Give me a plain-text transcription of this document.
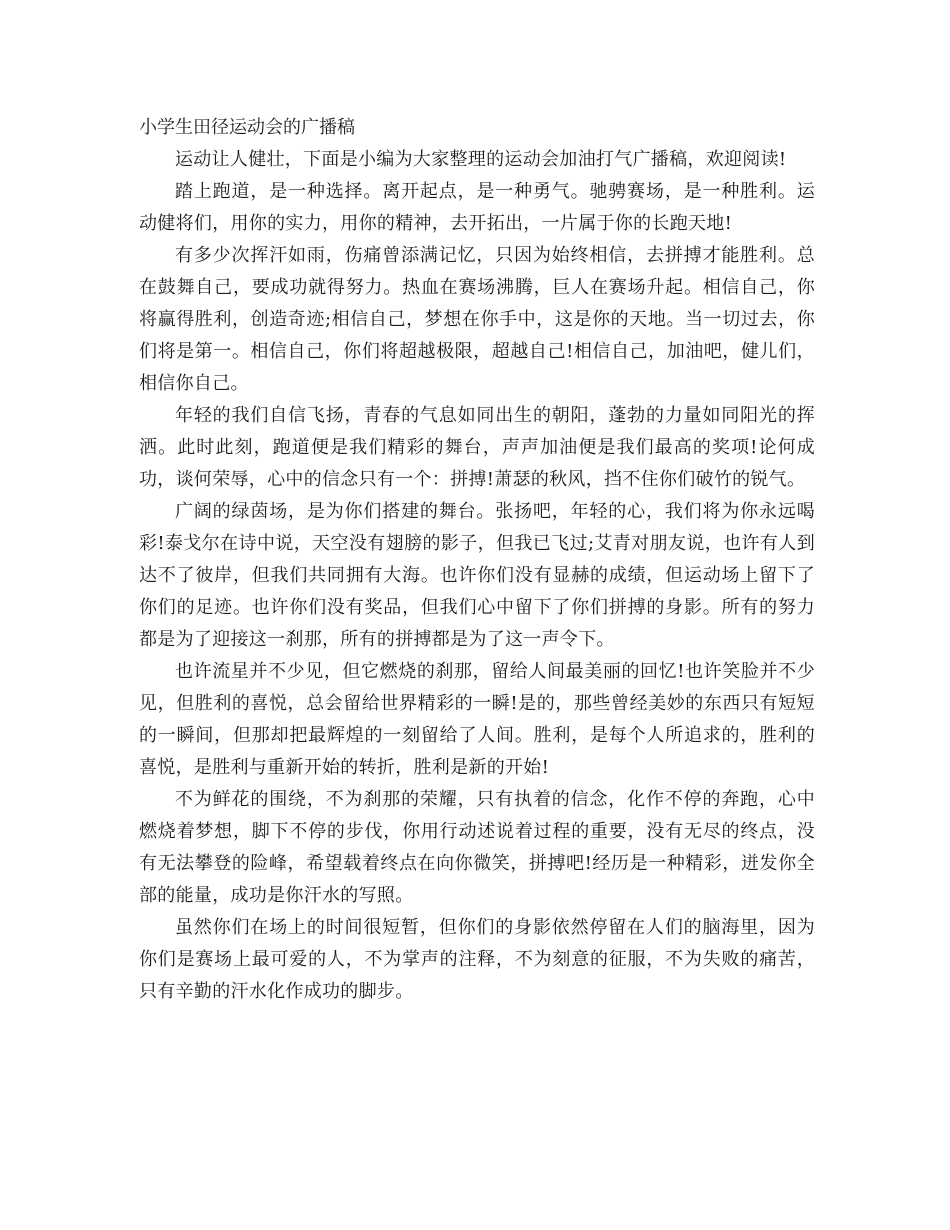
小学生田径运动会的广播稿

运动让人健壮，下面是小编为大家整理的运动会加油打气广播稿，欢迎阅读!

踏上跑道，是一种选择。离开起点，是一种勇气。驰骋赛场，是一种胜利。运动健将们，用你的实力，用你的精神，去开拓出，一片属于你的长跑天地!

有多少次挥汗如雨，伤痛曾添满记忆，只因为始终相信，去拼搏才能胜利。总在鼓舞自己，要成功就得努力。热血在赛场沸腾，巨人在赛场升起。相信自己，你将赢得胜利，创造奇迹;相信自己，梦想在你手中，这是你的天地。当一切过去，你们将是第一。相信自己，你们将超越极限，超越自己!相信自己，加油吧，健儿们，相信你自己。

年轻的我们自信飞扬，青春的气息如同出生的朝阳，蓬勃的力量如同阳光的挥洒。此时此刻，跑道便是我们精彩的舞台，声声加油便是我们最高的奖项!论何成功，谈何荣辱，心中的信念只有一个：拼搏!萧瑟的秋风，挡不住你们破竹的锐气。

广阔的绿茵场，是为你们搭建的舞台。张扬吧，年轻的心，我们将为你永远喝彩!泰戈尔在诗中说，天空没有翅膀的影子，但我已飞过;艾青对朋友说，也许有人到达不了彼岸，但我们共同拥有大海。也许你们没有显赫的成绩，但运动场上留下了你们的足迹。也许你们没有奖品，但我们心中留下了你们拼搏的身影。所有的努力都是为了迎接这一刹那，所有的拼搏都是为了这一声令下。

也许流星并不少见，但它燃烧的刹那，留给人间最美丽的回忆!也许笑脸并不少见，但胜利的喜悦，总会留给世界精彩的一瞬!是的，那些曾经美妙的东西只有短短的一瞬间，但那却把最辉煌的一刻留给了人间。胜利，是每个人所追求的，胜利的喜悦，是胜利与重新开始的转折，胜利是新的开始!

不为鲜花的围绕，不为刹那的荣耀，只有执着的信念，化作不停的奔跑，心中燃烧着梦想，脚下不停的步伐，你用行动述说着过程的重要，没有无尽的终点，没有无法攀登的险峰，希望载着终点在向你微笑，拼搏吧!经历是一种精彩，迸发你全部的能量，成功是你汗水的写照。

虽然你们在场上的时间很短暂，但你们的身影依然停留在人们的脑海里，因为你们是赛场上最可爱的人，不为掌声的注释，不为刻意的征服，不为失败的痛苦，只有辛勤的汗水化作成功的脚步。
